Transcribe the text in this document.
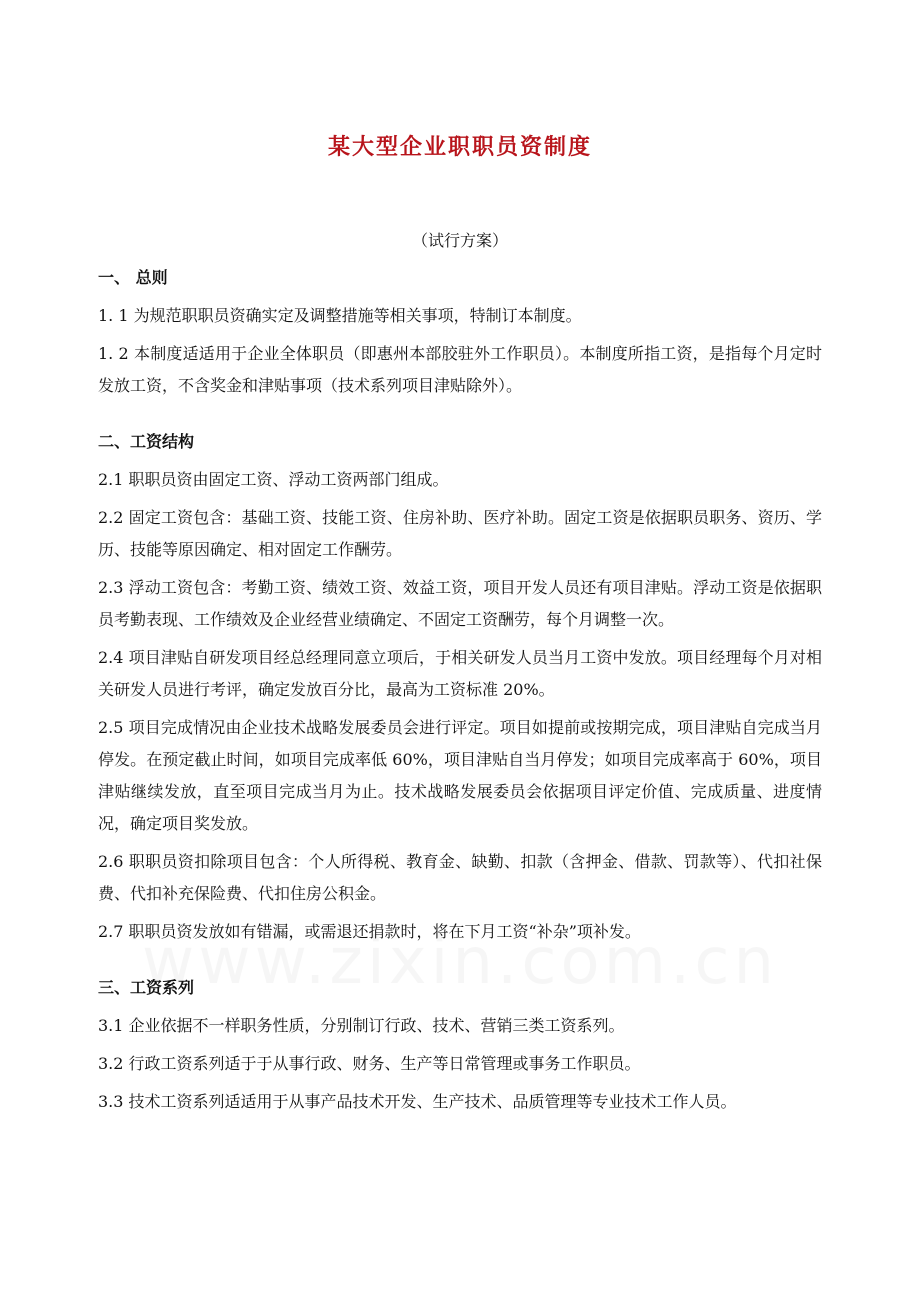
某大型企业职职员资制度
（试行方案）
一、 总则

1. 1 为规范职职员资确实定及调整措施等相关事项，特制订本制度。

1. 2 本制度适适用于企业全体职员（即惠州本部胶驻外工作职员）。本制度所指工资，是指每个月定时发放工资，不含奖金和津贴事项（技术系列项目津贴除外）。

二、工资结构

2.1 职职员资由固定工资、浮动工资两部门组成。

2.2 固定工资包含：基础工资、技能工资、住房补助、医疗补助。固定工资是依据职员职务、资历、学历、技能等原因确定、相对固定工作酬劳。

2.3 浮动工资包含：考勤工资、绩效工资、效益工资，项目开发人员还有项目津贴。浮动工资是依据职员考勤表现、工作绩效及企业经营业绩确定、不固定工资酬劳，每个月调整一次。

2.4 项目津贴自研发项目经总经理同意立项后，于相关研发人员当月工资中发放。项目经理每个月对相关研发人员进行考评，确定发放百分比，最高为工资标准 20%。

2.5 项目完成情况由企业技术战略发展委员会进行评定。项目如提前或按期完成，项目津贴自完成当月停发。在预定截止时间，如项目完成率低 60%，项目津贴自当月停发；如项目完成率高于 60%，项目津贴继续发放，直至项目完成当月为止。技术战略发展委员会依据项目评定价值、完成质量、进度情况，确定项目奖发放。

2.6 职职员资扣除项目包含：个人所得税、教育金、缺勤、扣款（含押金、借款、罚款等）、代扣社保费、代扣补充保险费、代扣住房公积金。

2.7 职职员资发放如有错漏，或需退还捐款时，将在下月工资“补杂”项补发。

三、工资系列

3.1 企业依据不一样职务性质，分别制订行政、技术、营销三类工资系列。

3.2 行政工资系列适于于从事行政、财务、生产等日常管理或事务工作职员。

3.3 技术工资系列适适用于从事产品技术开发、生产技术、品质管理等专业技术工作人员。
